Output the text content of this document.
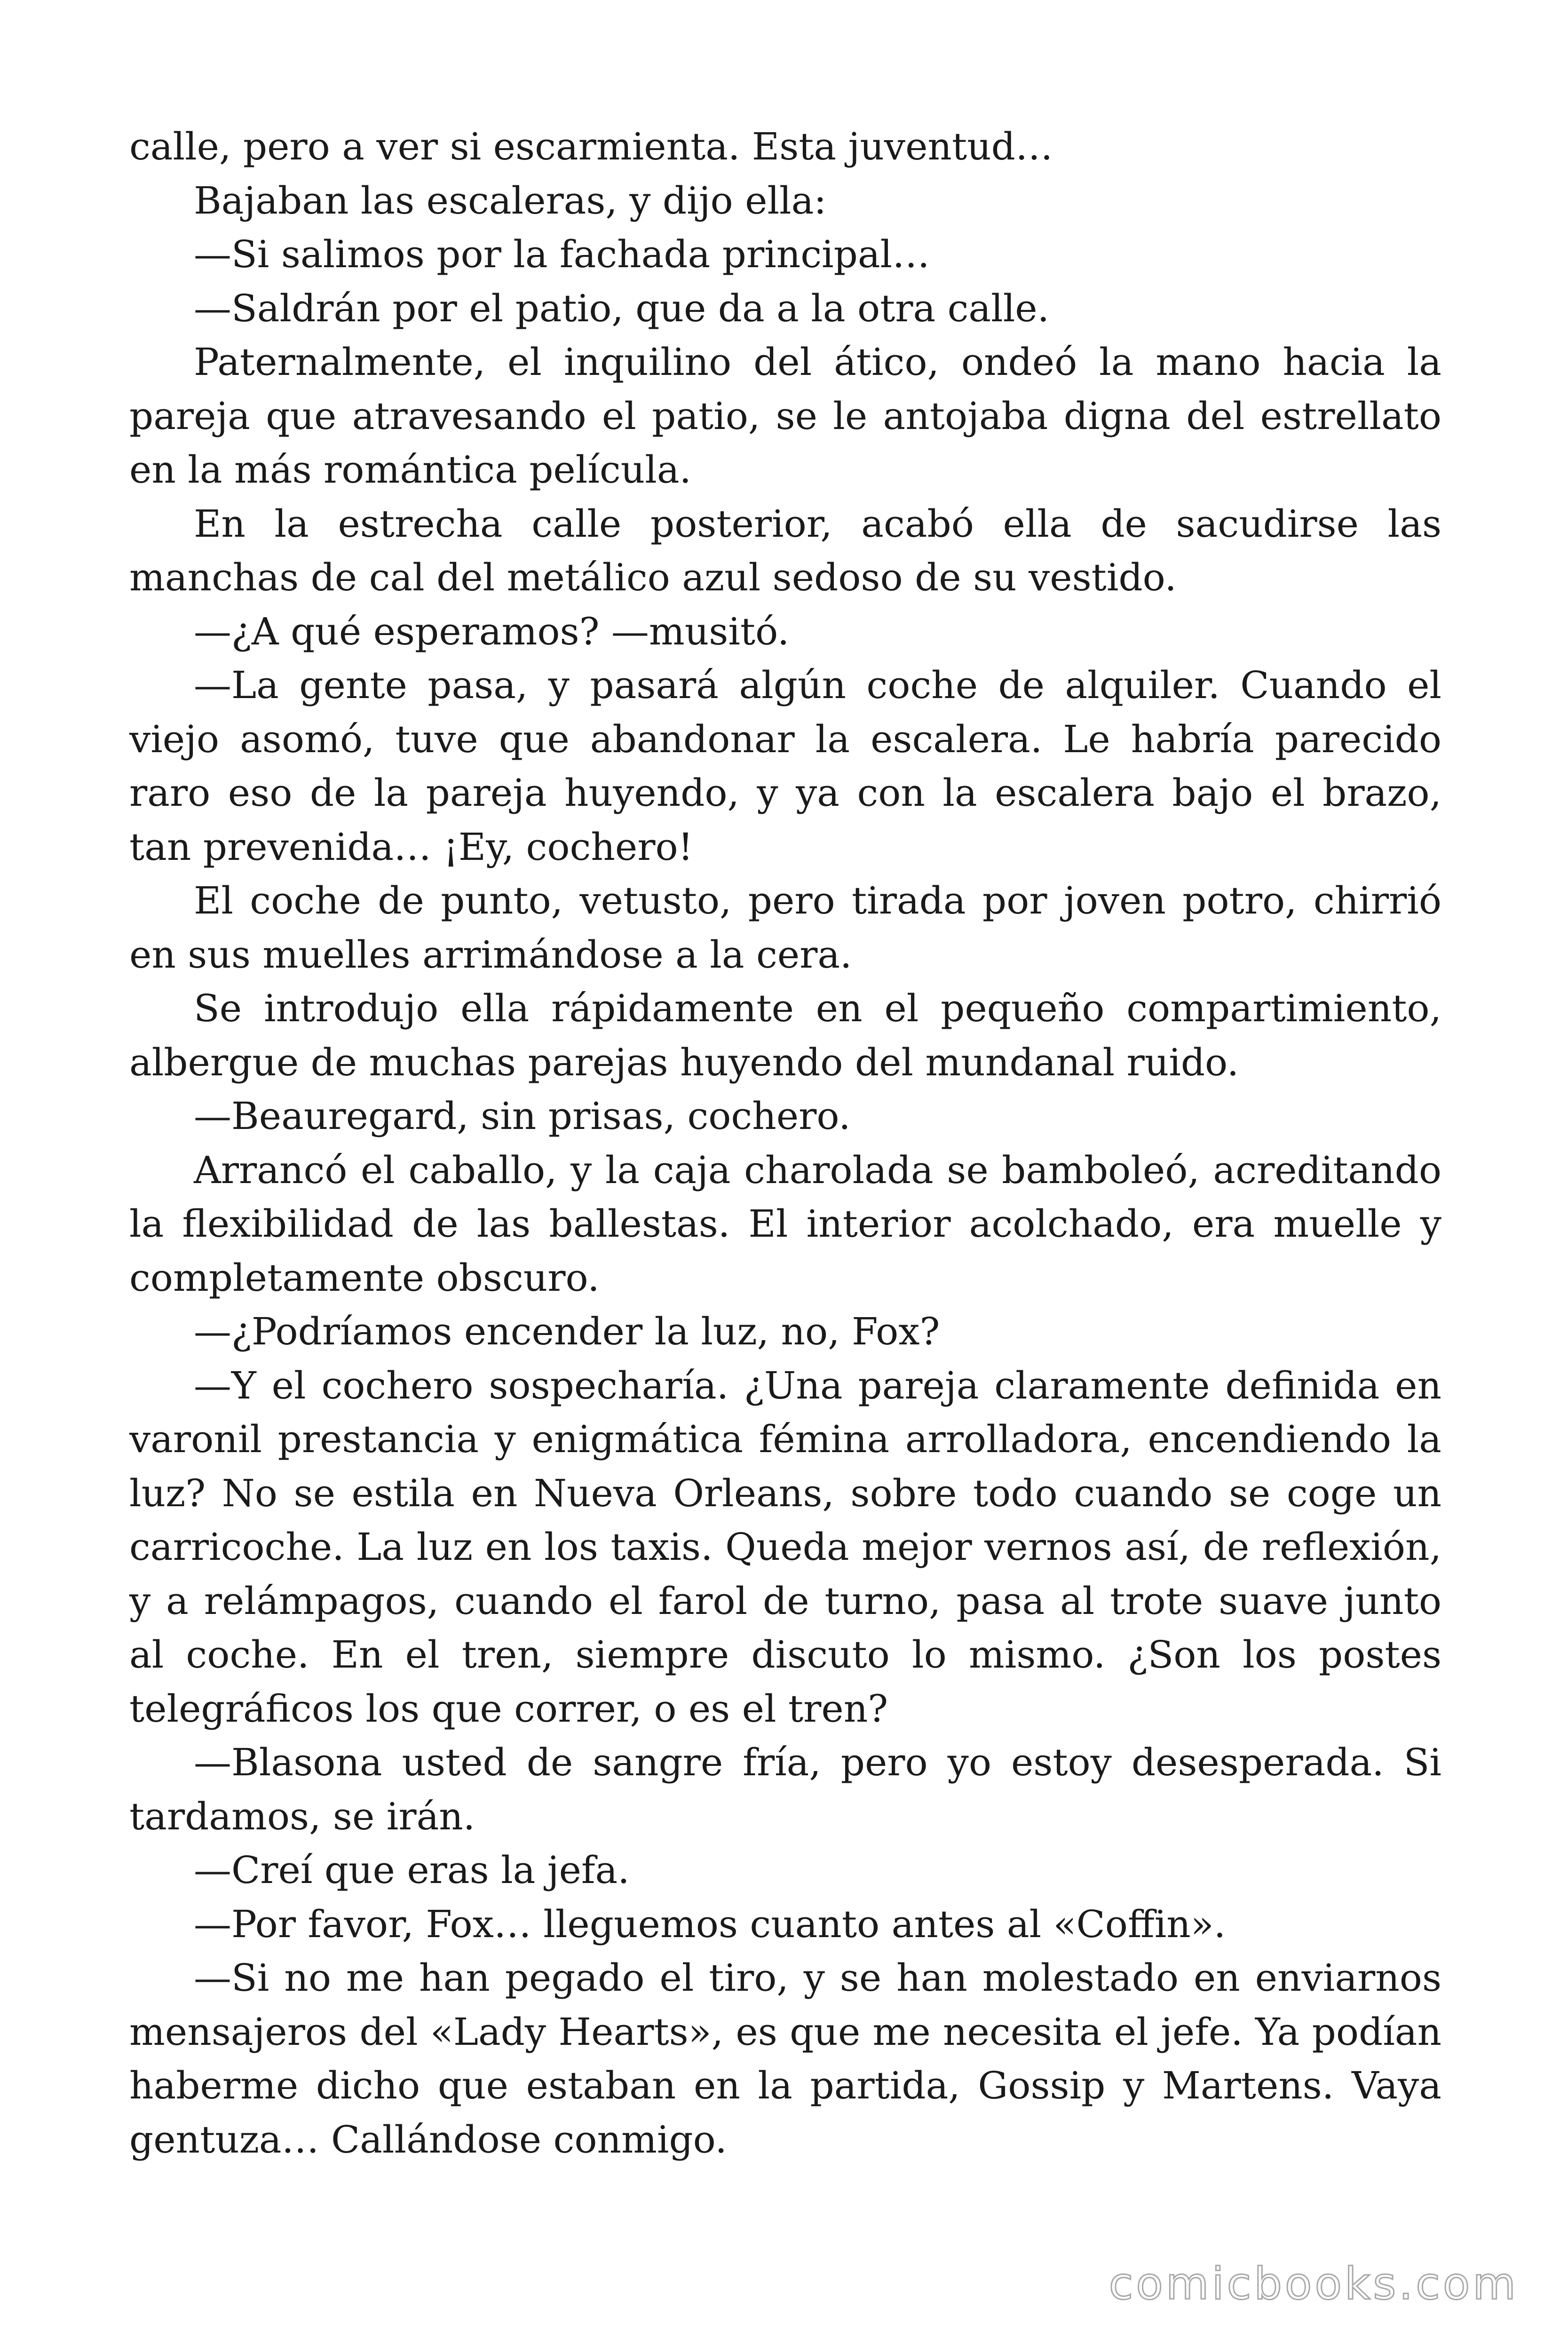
calle, pero a ver si escarmienta. Esta juventud…

Bajaban las escaleras, y dijo ella:

—Si salimos por la fachada principal…

—Saldrán por el patio, que da a la otra calle.

Paternalmente, el inquilino del ático, ondeó la mano hacia la pareja que atravesando el patio, se le antojaba digna del estrellato en la más romántica película.

En la estrecha calle posterior, acabó ella de sacudirse las manchas de cal del metálico azul sedoso de su vestido.

—¿A qué esperamos? —musitó.

—La gente pasa, y pasará algún coche de alquiler. Cuando el viejo asomó, tuve que abandonar la escalera. Le habría parecido raro eso de la pareja huyendo, y ya con la escalera bajo el brazo, tan prevenida… ¡Ey, cochero!

El coche de punto, vetusto, pero tirada por joven potro, chirrió en sus muelles arrimándose a la cera.

Se introdujo ella rápidamente en el pequeño compartimiento, albergue de muchas parejas huyendo del mundanal ruido.

—Beauregard, sin prisas, cochero.

Arrancó el caballo, y la caja charolada se bamboleó, acreditando la flexibilidad de las ballestas. El interior acolchado, era muelle y completamente obscuro.

—¿Podríamos encender la luz, no, Fox?

—Y el cochero sospecharía. ¿Una pareja claramente definida en varonil prestancia y enigmática fémina arrolladora, encendiendo la luz? No se estila en Nueva Orleans, sobre todo cuando se coge un carricoche. La luz en los taxis. Queda mejor vernos así, de reflexión, y a relámpagos, cuando el farol de turno, pasa al trote suave junto al coche. En el tren, siempre discuto lo mismo. ¿Son los postes telegráficos los que correr, o es el tren?

—Blasona usted de sangre fría, pero yo estoy desesperada. Si tardamos, se irán.

—Creí que eras la jefa.

—Por favor, Fox… lleguemos cuanto antes al «Coffin».

—Si no me han pegado el tiro, y se han molestado en enviarnos mensajeros del «Lady Hearts», es que me necesita el jefe. Ya podían haberme dicho que estaban en la partida, Gossip y Martens. Vaya gentuza… Callándose conmigo.

comicbooks.com
